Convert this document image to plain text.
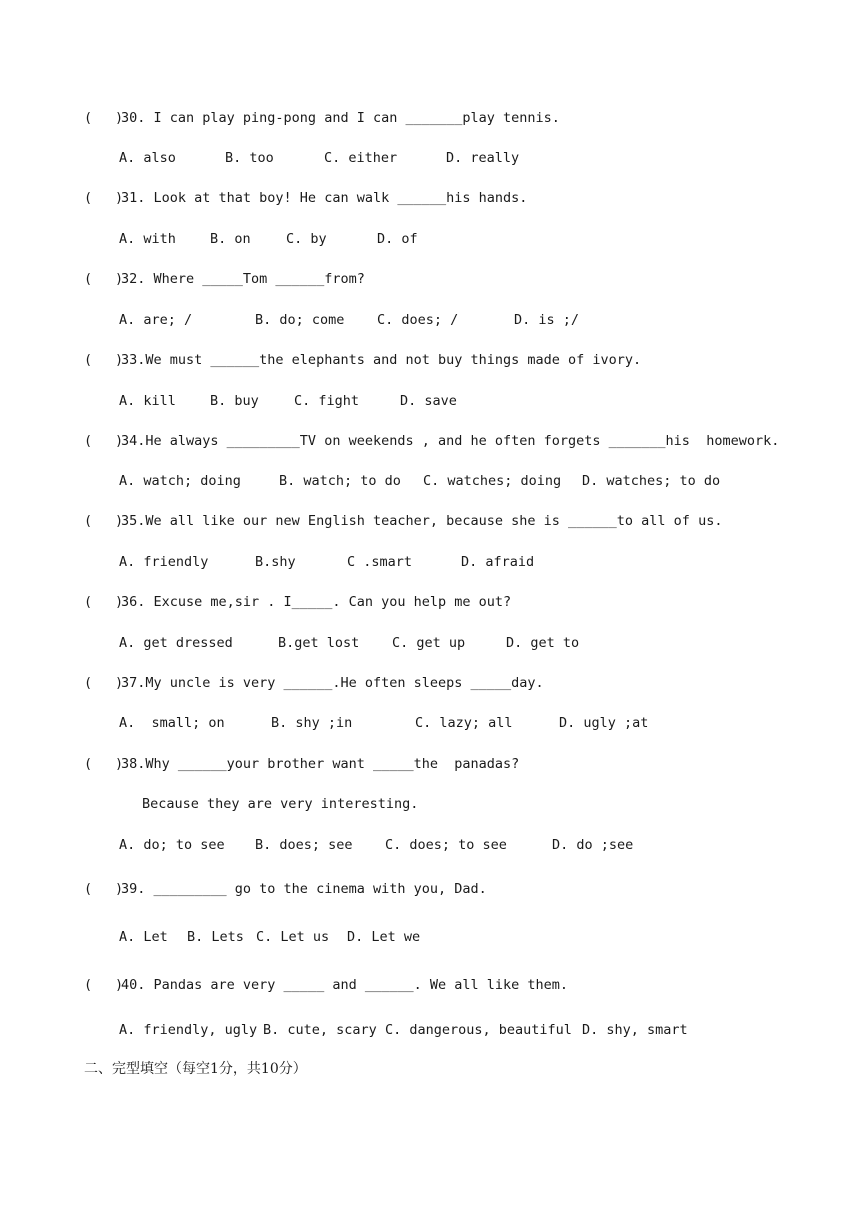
( )
30. I can play ping-pong and I can _______play tennis.
A. also	B. too	C. either	D. really
( )
31. Look at that boy! He can walk ______his hands.
A. with	B. on	C. by	D. of
( )
32. Where _____Tom ______from?
A. are; /	B. do; come C. does; /	D. is ;/
( )
33.We must ______the elephants and not buy things made of ivory.
A. kill	B. buy	C. fight	D. save
( )
34.He always _________TV on weekends , and he often forgets _______his  homework.
A. watch; doing	B. watch; to do C. watches; doing D. watches; to do
( )
35.We all like our new English teacher, because she is ______to all of us.
A. friendly	B.shy	C .smart	D. afraid
( )
36. Excuse me,sir . I_____. Can you help me out?
A. get dressed	B.get lost C. get up	D. get to
( )
37.My uncle is very ______.He often sleeps _____day.
A.  small; on	B. shy ;in	C. lazy; all	D. ugly ;at
( )
38.Why ______your brother want _____the  panadas?
Because they are very interesting.
A. do; to see B. does; see C. does; to see	D. do ;see
( )
39. _________ go to the cinema with you, Dad.
A. Let B. Lets C. Let us D. Let we
( )
40. Pandas are very _____ and ______. We all like them.
A. friendly, ugly B. cute, scary C. dangerous, beautiful D. shy, smart
二、完型填空（每空1分，共10分）
